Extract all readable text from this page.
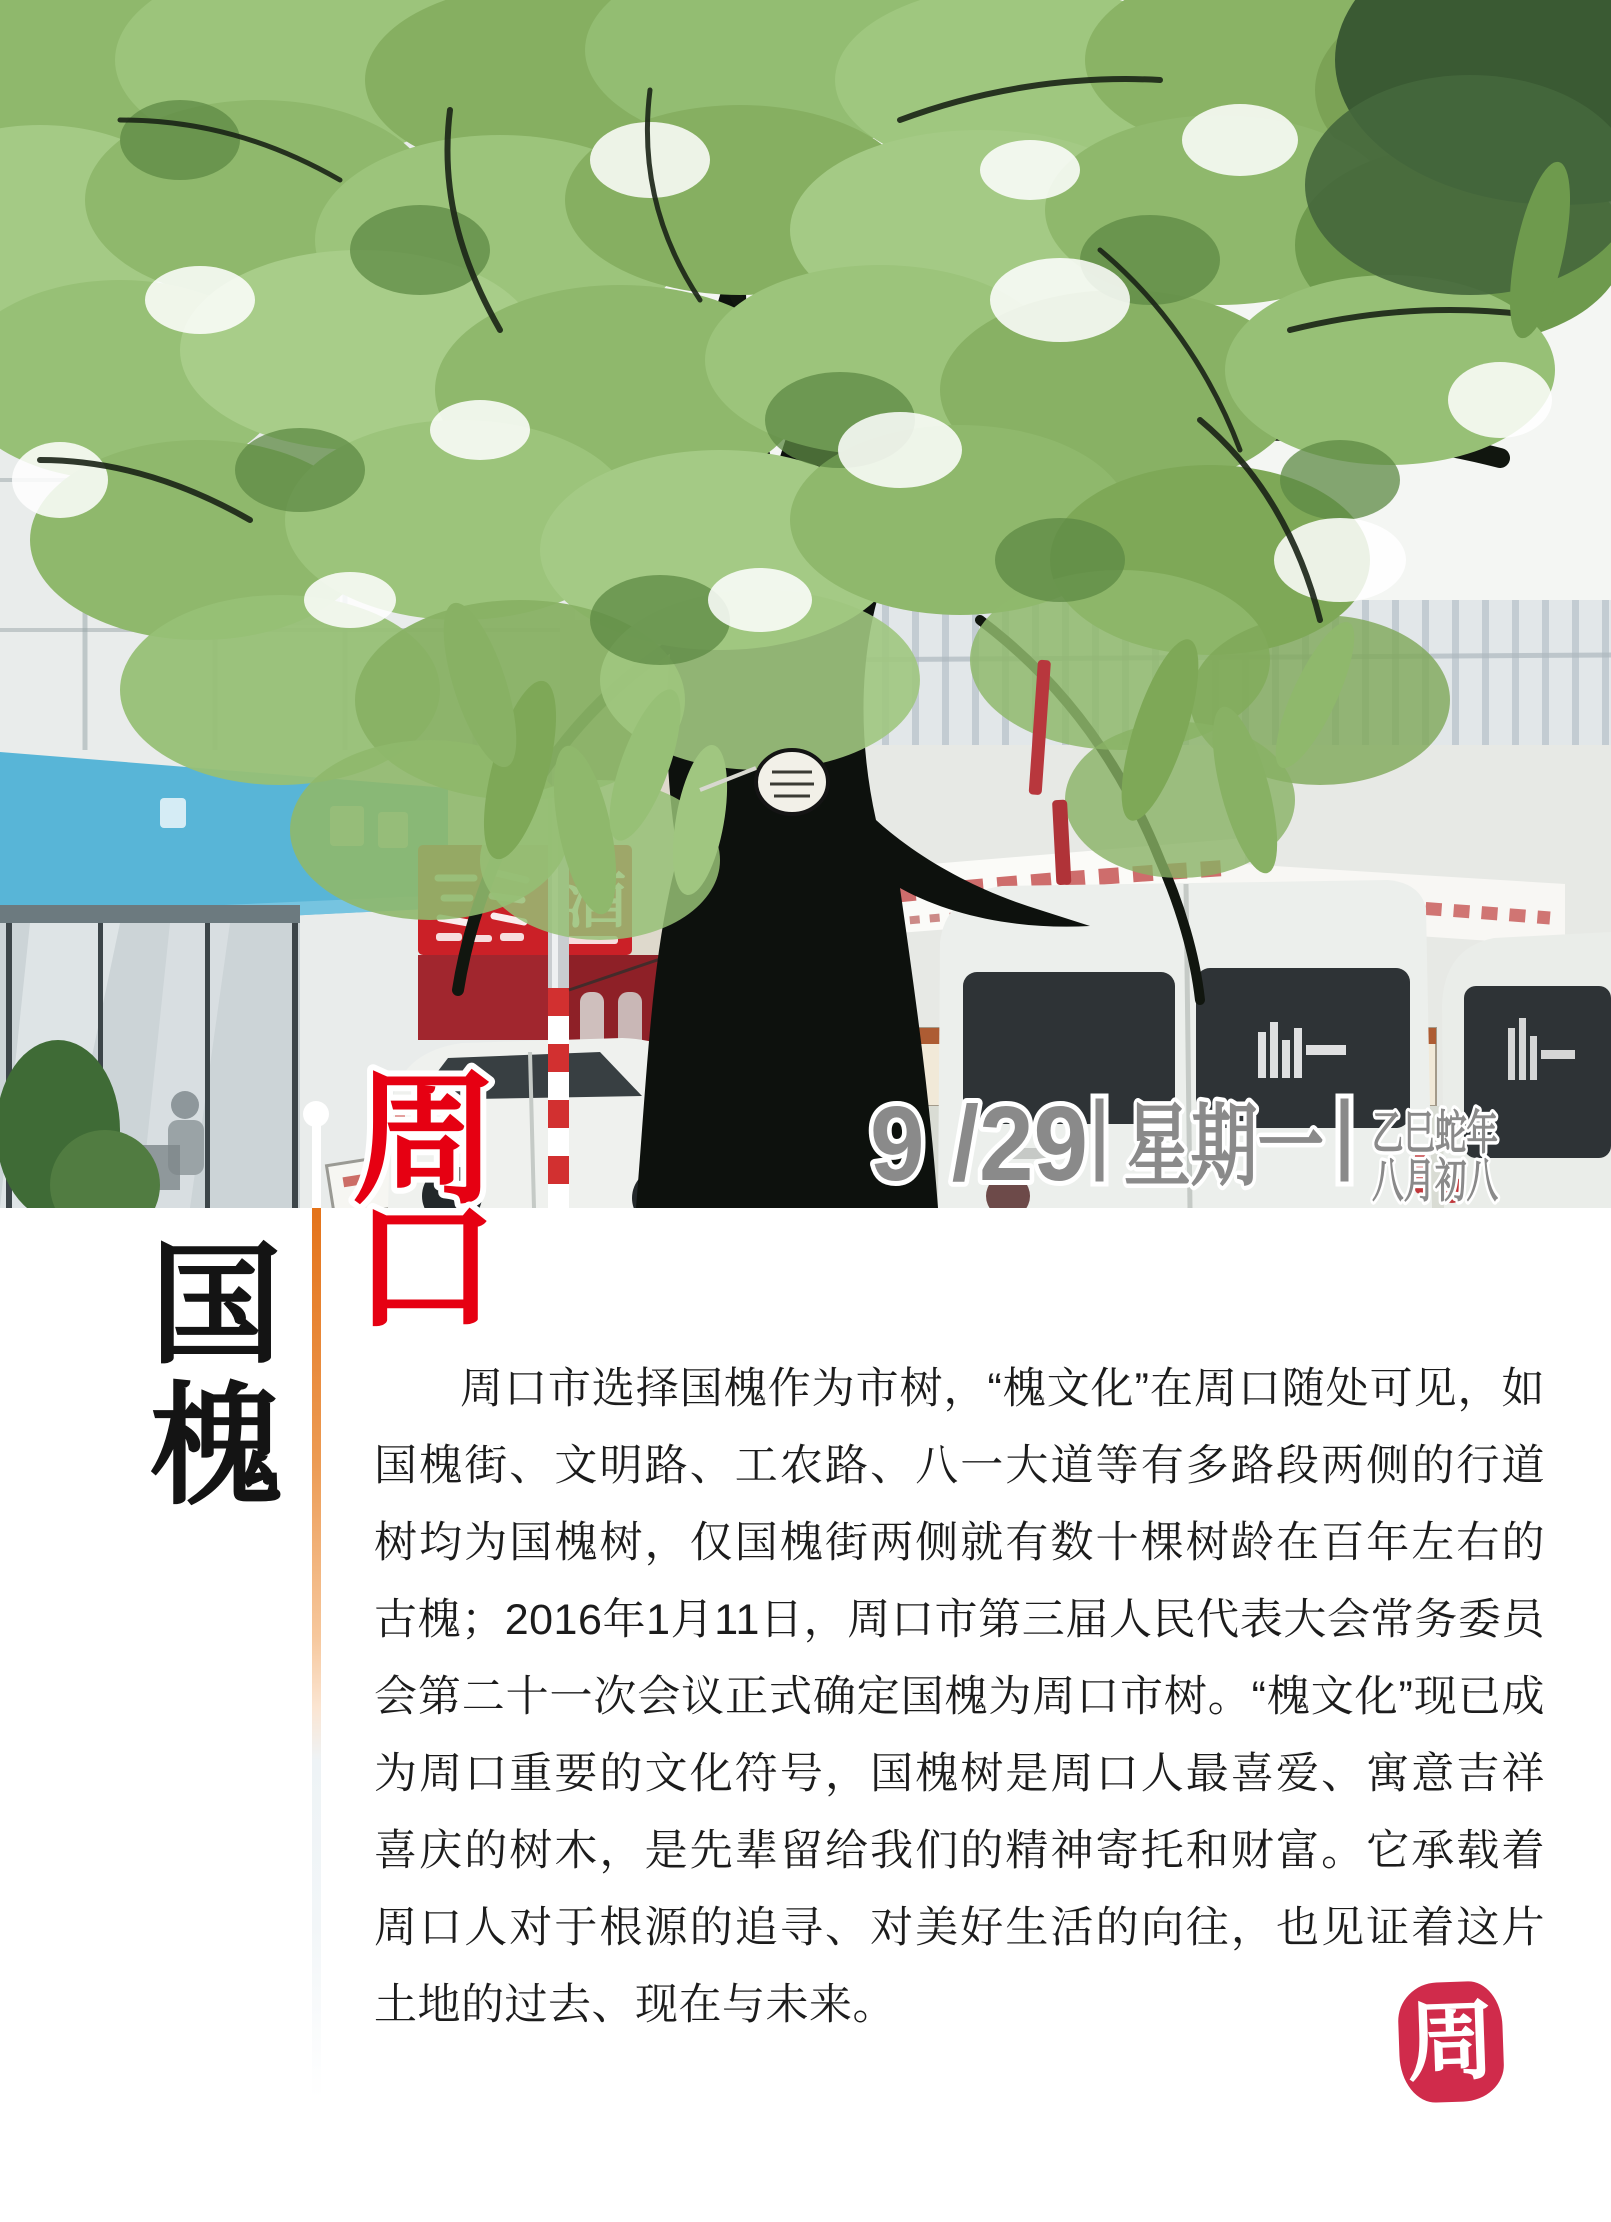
9 /29 星期一 乙巳蛇年
八月初八
周
口
国
槐	周口市选择国槐作为市树，“槐文化”在周口随处可见，如国槐街、文明路、工农路、八一大道等有多路段两侧的行道树均为国槐树，仅国槐街两侧就有数十棵树龄在百年左右的古槐；2016年1月11日，周口市第三届人民代表大会常务委员会第二十一次会议正式确定国槐为周口市树。“槐文化”现已成为周口重要的文化符号，国槐树是周口人最喜爱、寓意吉祥喜庆的树木，是先辈留给我们的精神寄托和财富。它承载着周口人对于根源的追寻、对美好生活的向往，也见证着这片土地的过去、现在与未来。	周
